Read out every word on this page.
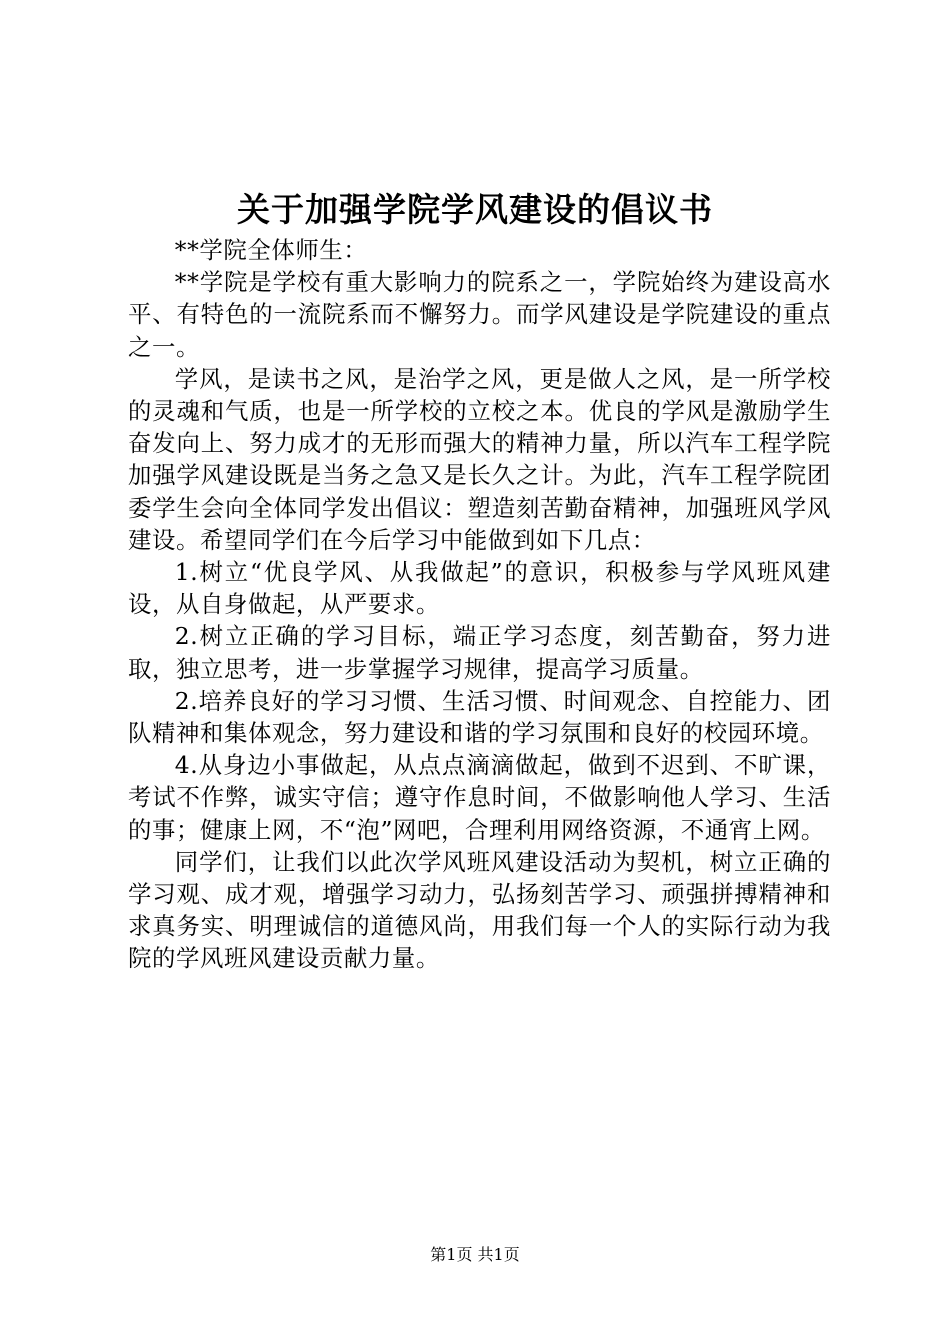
关于加强学院学风建设的倡议书

**学院全体师生：

**学院是学校有重大影响力的院系之一，学院始终为建设高水平、有特色的一流院系而不懈努力。而学风建设是学院建设的重点之一。

学风，是读书之风，是治学之风，更是做人之风，是一所学校的灵魂和气质，也是一所学校的立校之本。优良的学风是激励学生奋发向上、努力成才的无形而强大的精神力量，所以汽车工程学院加强学风建设既是当务之急又是长久之计。为此，汽车工程学院团委学生会向全体同学发出倡议：塑造刻苦勤奋精神，加强班风学风建设。希望同学们在今后学习中能做到如下几点：

1.树立“优良学风、从我做起”的意识，积极参与学风班风建设，从自身做起，从严要求。

2.树立正确的学习目标，端正学习态度，刻苦勤奋，努力进取，独立思考，进一步掌握学习规律，提高学习质量。

2.培养良好的学习习惯、生活习惯、时间观念、自控能力、团队精神和集体观念，努力建设和谐的学习氛围和良好的校园环境。

4.从身边小事做起，从点点滴滴做起，做到不迟到、不旷课，考试不作弊，诚实守信；遵守作息时间，不做影响他人学习、生活的事；健康上网，不“泡”网吧，合理利用网络资源，不通宵上网。

同学们，让我们以此次学风班风建设活动为契机，树立正确的学习观、成才观，增强学习动力，弘扬刻苦学习、顽强拼搏精神和求真务实、明理诚信的道德风尚，用我们每一个人的实际行动为我院的学风班风建设贡献力量。

第1页 共1页
